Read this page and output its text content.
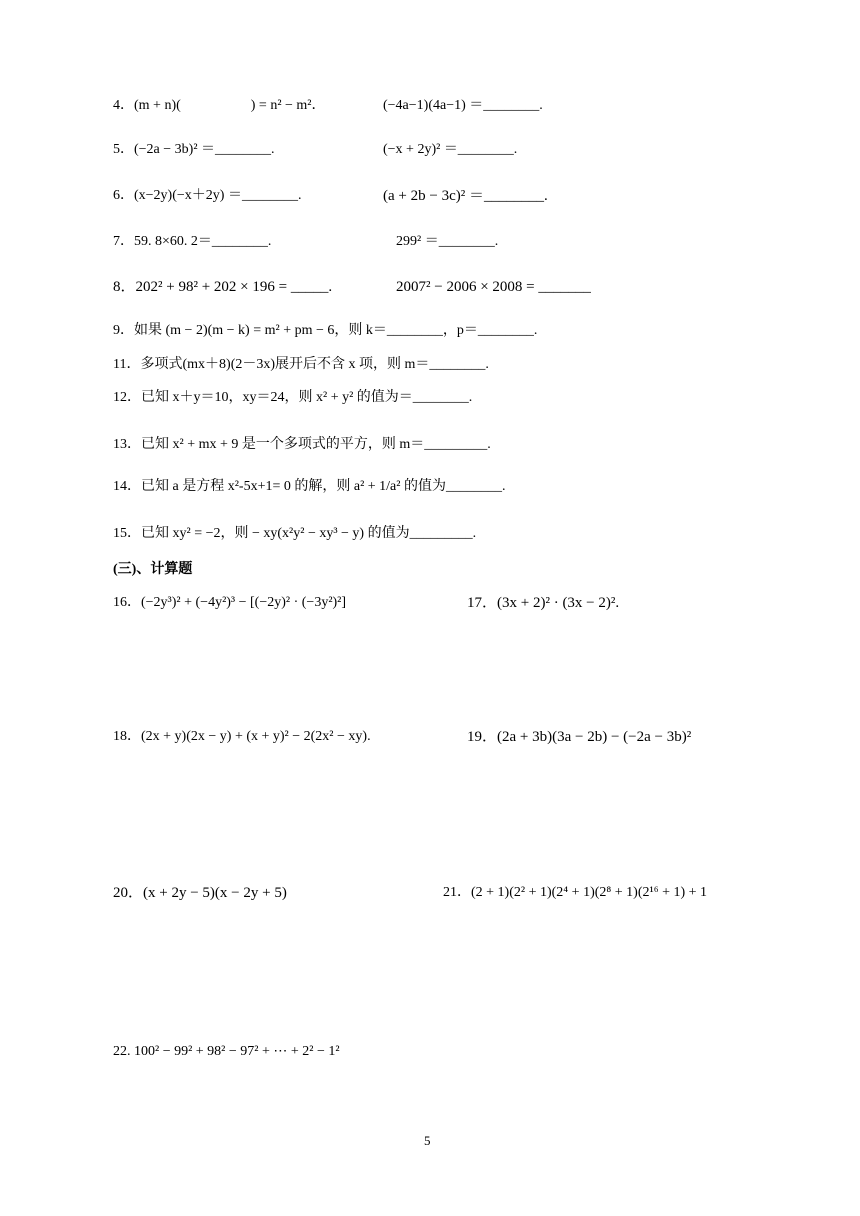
4．(m + n)(　　　　　) = n² − m²．	(−4a−1)(4a−1) ＝________.
5．(−2a − 3b)² ＝________.	(−x + 2y)² ＝________.
6．(x−2y)(−x＋2y) ＝________.	(a + 2b − 3c)² ＝________.
7．59. 8×60. 2＝________.	299² ＝________.
8．202² + 98² + 202 × 196 = _____.	2007² − 2006 × 2008 = _______
9．如果 (m − 2)(m − k) = m² + pm − 6，则 k＝________，p＝________.
11．多项式(mx＋8)(2－3x)展开后不含 x 项，则 m＝________.
12．已知 x＋y＝10，xy＝24，则 x² + y² 的值为＝________.
13．已知 x² + mx + 9 是一个多项式的平方，则 m＝_________.
14．已知 a 是方程 x²-5x+1= 0 的解，则 a² + 1/a² 的值为________.
15．已知 xy² = −2，则 − xy(x²y² − xy³ − y) 的值为_________.
(三)、计算题
16．(−2y³)² + (−4y²)³ − [(−2y)² · (−3y²)²]	17．(3x + 2)² · (3x − 2)².
18．(2x + y)(2x − y) + (x + y)² − 2(2x² − xy).	19．(2a + 3b)(3a − 2b) − (−2a − 3b)²
20．(x + 2y − 5)(x − 2y + 5)	21．(2 + 1)(2² + 1)(2⁴ + 1)(2⁸ + 1)(2¹⁶ + 1) + 1
22. 100² − 99² + 98² − 97² + ⋯ + 2² − 1²
5
